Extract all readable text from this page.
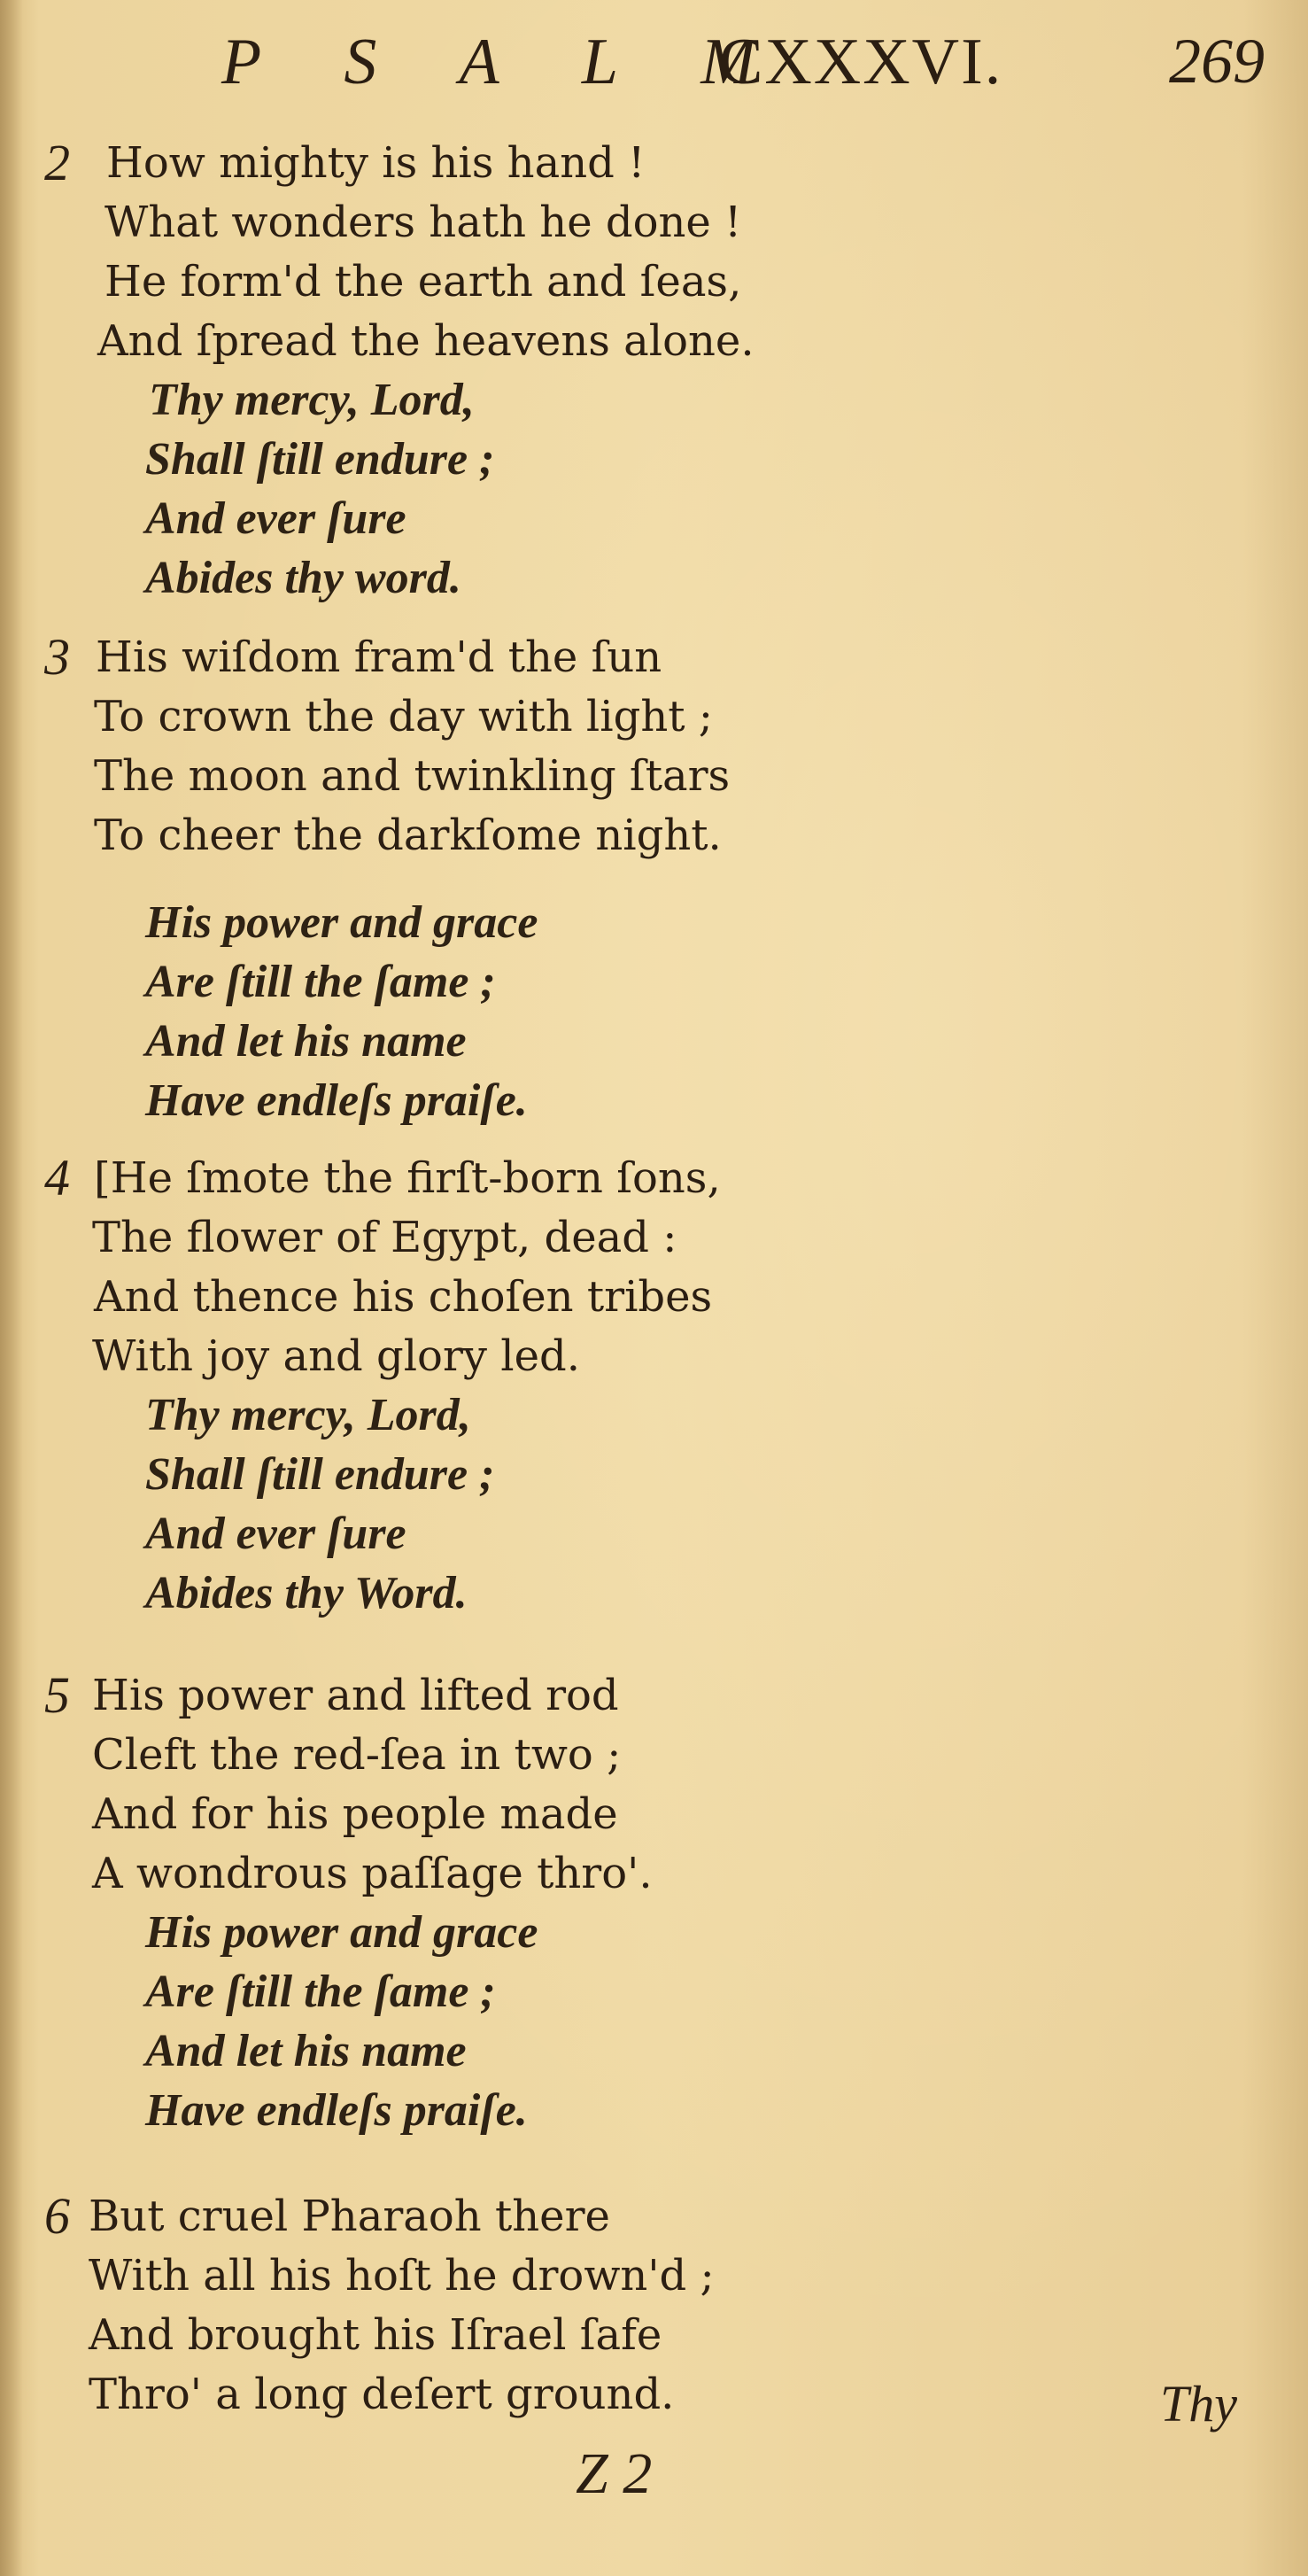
P S A L M
CXXXVI.	269
2 How mighty is his hand !
What wonders hath he done !
He form'd the earth and ſeas,
And ſpread the heavens alone.
Thy mercy, Lord,
Shall ſtill endure ;
And ever ſure
Abides thy word.
3 His wiſdom fram'd the ſun
To crown the day with light ;
The moon and twinkling ſtars
To cheer the darkſome night.
His power and grace
Are ſtill the ſame ;
And let his name
Have endleſs praiſe.
4 [He ſmote the firſt-born ſons,
The flower of Egypt, dead :
And thence his choſen tribes
With joy and glory led.
Thy mercy, Lord,
Shall ſtill endure ;
And ever ſure
Abides thy Word.
5 His power and lifted rod
Cleft the red-ſea in two ;
And for his people made
A wondrous paſſage thro'.
His power and grace
Are ſtill the ſame ;
And let his name
Have endleſs praiſe.
6 But cruel Pharaoh there
With all his hoſt he drown'd ;
And brought his Iſrael ſafe
Thro' a long deſert ground.	Thy
Z 2
